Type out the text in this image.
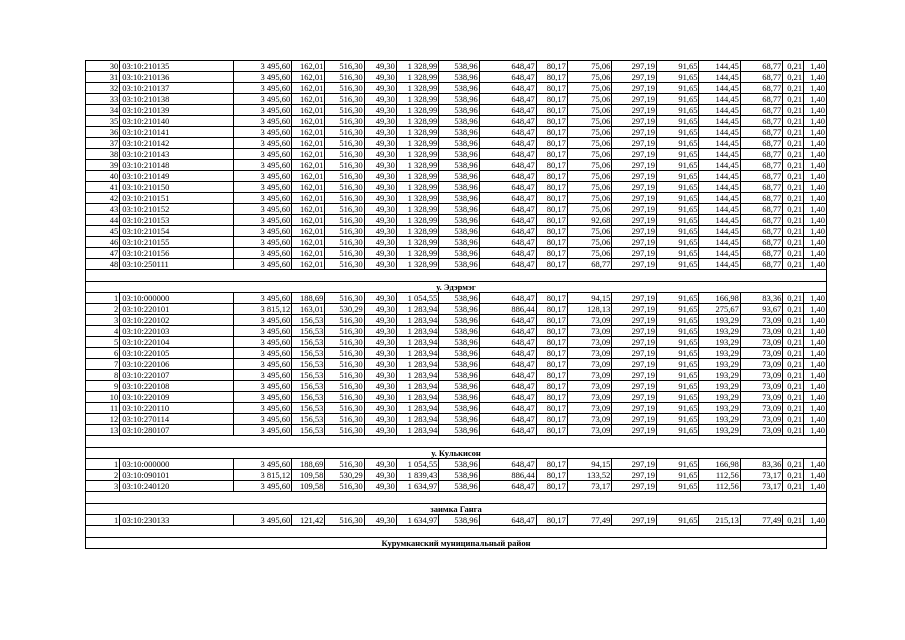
30	03:10:210135	3 495,60	162,01	516,30	49,30	1 328,99	538,96	648,47	80,17	75,06	297,19	91,65	144,45	68,77	0,21	1,40
31	03:10:210136	3 495,60	162,01	516,30	49,30	1 328,99	538,96	648,47	80,17	75,06	297,19	91,65	144,45	68,77	0,21	1,40
32	03:10:210137	3 495,60	162,01	516,30	49,30	1 328,99	538,96	648,47	80,17	75,06	297,19	91,65	144,45	68,77	0,21	1,40
33	03:10:210138	3 495,60	162,01	516,30	49,30	1 328,99	538,96	648,47	80,17	75,06	297,19	91,65	144,45	68,77	0,21	1,40
34	03:10:210139	3 495,60	162,01	516,30	49,30	1 328,99	538,96	648,47	80,17	75,06	297,19	91,65	144,45	68,77	0,21	1,40
35	03:10:210140	3 495,60	162,01	516,30	49,30	1 328,99	538,96	648,47	80,17	75,06	297,19	91,65	144,45	68,77	0,21	1,40
36	03:10:210141	3 495,60	162,01	516,30	49,30	1 328,99	538,96	648,47	80,17	75,06	297,19	91,65	144,45	68,77	0,21	1,40
37	03:10:210142	3 495,60	162,01	516,30	49,30	1 328,99	538,96	648,47	80,17	75,06	297,19	91,65	144,45	68,77	0,21	1,40
38	03:10:210143	3 495,60	162,01	516,30	49,30	1 328,99	538,96	648,47	80,17	75,06	297,19	91,65	144,45	68,77	0,21	1,40
39	03:10:210148	3 495,60	162,01	516,30	49,30	1 328,99	538,96	648,47	80,17	75,06	297,19	91,65	144,45	68,77	0,21	1,40
40	03:10:210149	3 495,60	162,01	516,30	49,30	1 328,99	538,96	648,47	80,17	75,06	297,19	91,65	144,45	68,77	0,21	1,40
41	03:10:210150	3 495,60	162,01	516,30	49,30	1 328,99	538,96	648,47	80,17	75,06	297,19	91,65	144,45	68,77	0,21	1,40
42	03:10:210151	3 495,60	162,01	516,30	49,30	1 328,99	538,96	648,47	80,17	75,06	297,19	91,65	144,45	68,77	0,21	1,40
43	03:10:210152	3 495,60	162,01	516,30	49,30	1 328,99	538,96	648,47	80,17	75,06	297,19	91,65	144,45	68,77	0,21	1,40
44	03:10:210153	3 495,60	162,01	516,30	49,30	1 328,99	538,96	648,47	80,17	92,68	297,19	91,65	144,45	68,77	0,21	1,40
45	03:10:210154	3 495,60	162,01	516,30	49,30	1 328,99	538,96	648,47	80,17	75,06	297,19	91,65	144,45	68,77	0,21	1,40
46	03:10:210155	3 495,60	162,01	516,30	49,30	1 328,99	538,96	648,47	80,17	75,06	297,19	91,65	144,45	68,77	0,21	1,40
47	03:10:210156	3 495,60	162,01	516,30	49,30	1 328,99	538,96	648,47	80,17	75,06	297,19	91,65	144,45	68,77	0,21	1,40
48	03:10:250111	3 495,60	162,01	516,30	49,30	1 328,99	538,96	648,47	80,17	68,77	297,19	91,65	144,45	68,77	0,21	1,40

у. Эдэрмэг																
1	03:10:000000	3 495,60	188,69	516,30	49,30	1 054,55	538,96	648,47	80,17	94,15	297,19	91,65	166,98	83,36	0,21	1,40
2	03:10:220101	3 815,12	163,01	530,29	49,30	1 283,94	538,96	886,44	80,17	128,13	297,19	91,65	275,67	93,67	0,21	1,40
3	03:10:220102	3 495,60	156,53	516,30	49,30	1 283,94	538,96	648,47	80,17	73,09	297,19	91,65	193,29	73,09	0,21	1,40
4	03:10:220103	3 495,60	156,53	516,30	49,30	1 283,94	538,96	648,47	80,17	73,09	297,19	91,65	193,29	73,09	0,21	1,40
5	03:10:220104	3 495,60	156,53	516,30	49,30	1 283,94	538,96	648,47	80,17	73,09	297,19	91,65	193,29	73,09	0,21	1,40
6	03:10:220105	3 495,60	156,53	516,30	49,30	1 283,94	538,96	648,47	80,17	73,09	297,19	91,65	193,29	73,09	0,21	1,40
7	03:10:220106	3 495,60	156,53	516,30	49,30	1 283,94	538,96	648,47	80,17	73,09	297,19	91,65	193,29	73,09	0,21	1,40
8	03:10:220107	3 495,60	156,53	516,30	49,30	1 283,94	538,96	648,47	80,17	73,09	297,19	91,65	193,29	73,09	0,21	1,40
9	03:10:220108	3 495,60	156,53	516,30	49,30	1 283,94	538,96	648,47	80,17	73,09	297,19	91,65	193,29	73,09	0,21	1,40
10	03:10:220109	3 495,60	156,53	516,30	49,30	1 283,94	538,96	648,47	80,17	73,09	297,19	91,65	193,29	73,09	0,21	1,40
11	03:10:220110	3 495,60	156,53	516,30	49,30	1 283,94	538,96	648,47	80,17	73,09	297,19	91,65	193,29	73,09	0,21	1,40
12	03:10:270114	3 495,60	156,53	516,30	49,30	1 283,94	538,96	648,47	80,17	73,09	297,19	91,65	193,29	73,09	0,21	1,40
13	03:10:280107	3 495,60	156,53	516,30	49,30	1 283,94	538,96	648,47	80,17	73,09	297,19	91,65	193,29	73,09	0,21	1,40

у. Кулькисон																
1	03:10:000000	3 495,60	188,69	516,30	49,30	1 054,55	538,96	648,47	80,17	94,15	297,19	91,65	166,98	83,36	0,21	1,40
2	03:10:090101	3 815,12	109,58	530,29	49,30	1 839,43	538,96	886,44	80,17	133,52	297,19	91,65	112,56	73,17	0,21	1,40
3	03:10:240120	3 495,60	109,58	516,30	49,30	1 634,97	538,96	648,47	80,17	73,17	297,19	91,65	112,56	73,17	0,21	1,40

заимка Ганга																
1	03:10:230133	3 495,60	121,42	516,30	49,30	1 634,97	538,96	648,47	80,17	77,49	297,19	91,65	215,13	77,49	0,21	1,40

Курумканский муниципальный район																
